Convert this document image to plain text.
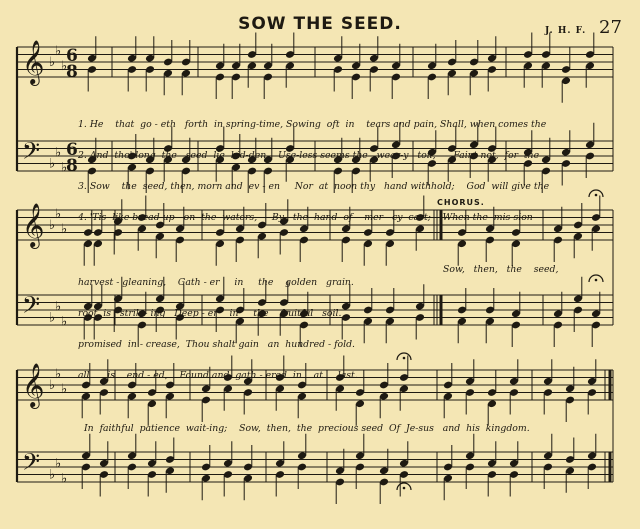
SOW THE SEED.	J. H. F. 27
𝄞 ♭
♭
♭
𝄢 ♭
♭
♭
𝄞 ♭
♭
♭
𝄢 ♭
♭
♭
𝄞 ♭
♭
♭
𝄢 ♭
♭
♭
6
8
6
8

1. He    that  go - eth   forth  in spring-time, Sowing  oft  in    tears and pain, Shall, when comes the

2. And  tho' long  the   seed  lie  hid-den,   Use-less seems the   wear-y   toil,      Faint not,  for  the

3. Sow    the  seed, then, morn and  ev - en     Nor  at  noon thy   hand withhold;    God  will give the

4. 'Tis  like bread up - on  the  waters,     By   the  hand  of    mer - cy  cast;    When the  mis-sion

CHORUS.

harvest - gleaning,    Gath - er     in     the    golden   grain.

root  is   strik - ing   Deep - er    in     the    fruitful   soil.

promised  in - crease,  Thou shalt gain   an  hundred - fold.

all      is    end - ed,    Found and  gath - ered  in    at     last.

Sow,   then,   the    seed,
In  faithful  patience  wait-ing;    Sow,  then,  the  precious seed  Of  Je-sus   and  his  kingdom.
